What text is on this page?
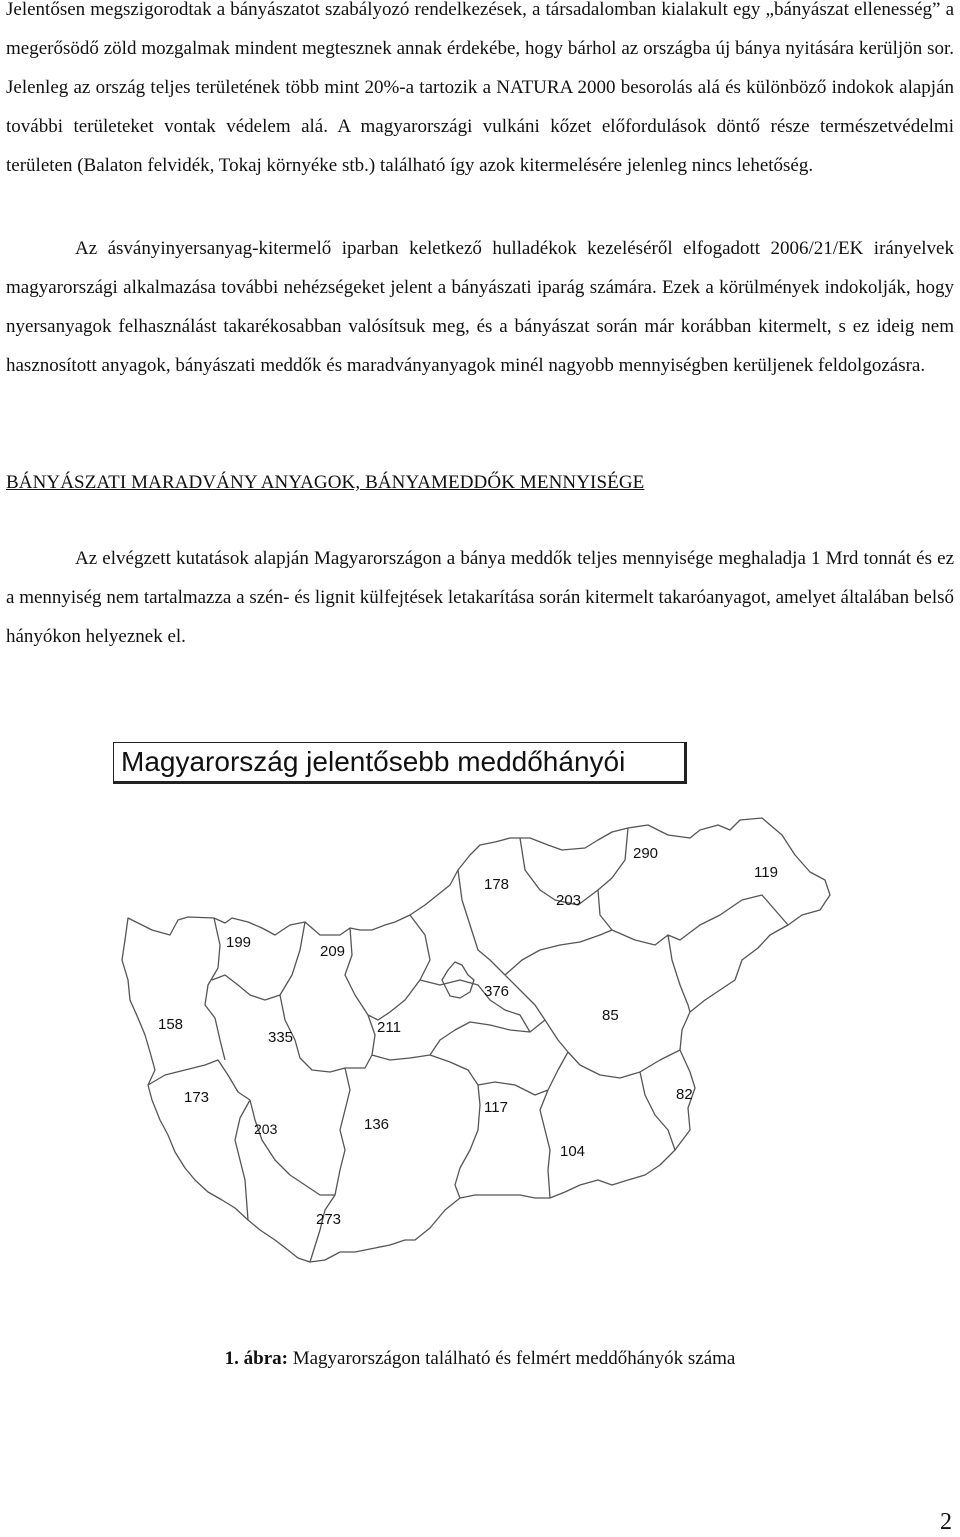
Jelentősen megszigorodtak a bányászatot szabályozó rendelkezések, a társadalomban kialakult egy „bányászat ellenesség” a megerősödő zöld mozgalmak mindent megtesznek annak érdekébe, hogy bárhol az országba új bánya nyitására kerüljön sor. Jelenleg az ország teljes területének több mint 20%-a tartozik a NATURA 2000 besorolás alá és különböző indokok alapján további területeket vontak védelem alá. A magyarországi vulkáni kőzet előfordulások döntő része természetvédelmi területen (Balaton felvidék, Tokaj környéke stb.) található így azok kitermelésére jelenleg nincs lehetőség.

Az ásványinyersanyag-kitermelő iparban keletkező hulladékok kezeléséről elfogadott 2006/21/EK irányelvek magyarországi alkalmazása további nehézségeket jelent a bányászati iparág számára. Ezek a körülmények indokolják, hogy nyersanyagok felhasználást takarékosabban valósítsuk meg, és a bányászat során már korábban kitermelt, s ez ideig nem hasznosított anyagok, bányászati meddők és maradványanyagok minél nagyobb mennyiségben kerüljenek feldolgozásra.

BÁNYÁSZATI MARADVÁNY ANYAGOK, BÁNYAMEDDŐK MENNYISÉGE

Az elvégzett kutatások alapján Magyarországon a bánya meddők teljes mennyisége meghaladja 1 Mrd tonnát és ez a mennyiség nem tartalmazza a szén- és lignit külfejtések letakarítása során kitermelt takaróanyagot, amelyet általában belső hányókon helyeznek el.

199
209
376
178
203
290
119
158
335
211
85
82
173
203	136
117
104
273
Magyarország jelentősebb meddőhányói
1. ábra: Magyarországon található és felmért meddőhányók száma
2
